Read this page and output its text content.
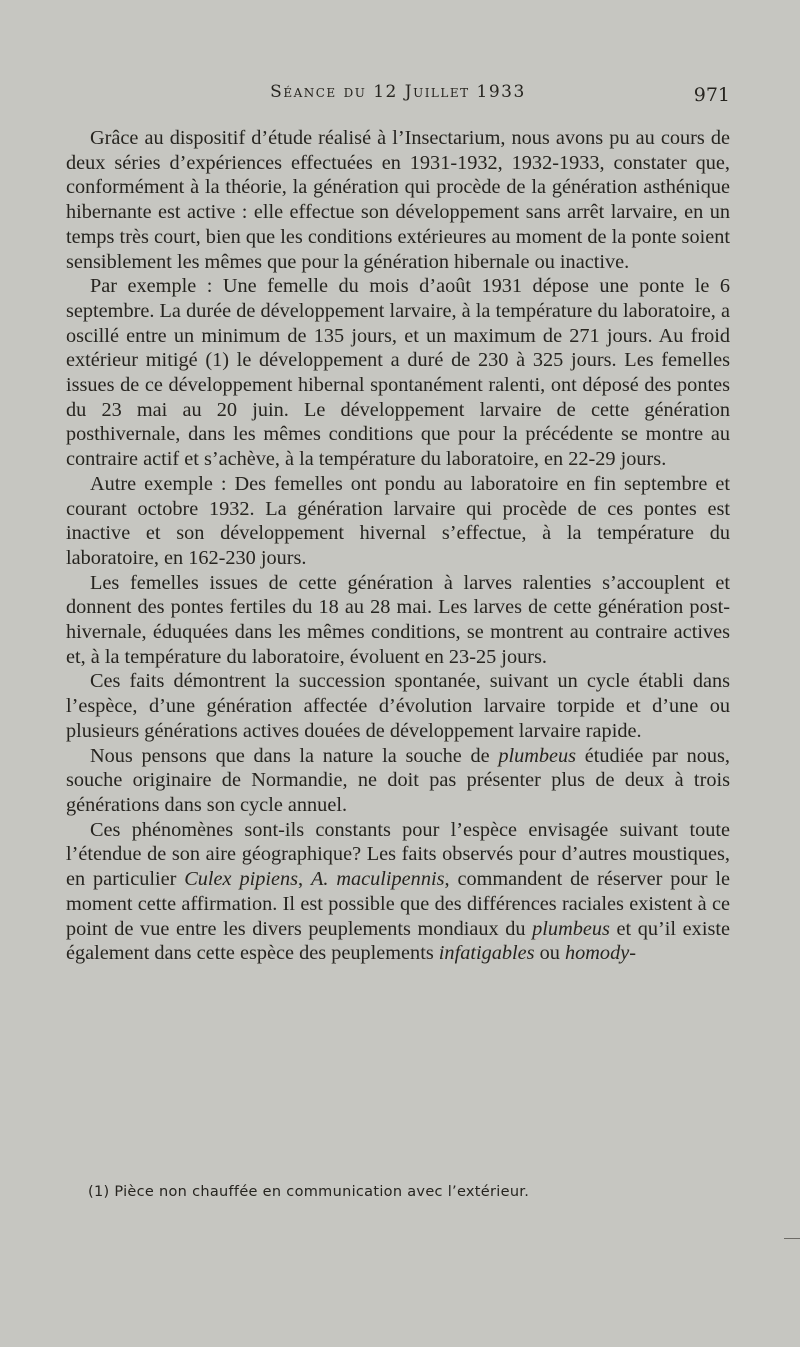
Séance du 12 Juillet 1933	971

Grâce au dispositif d’étude réalisé à l’Insectarium, nous avons pu au cours de deux séries d’expériences effectuées en 1931-1932, 1932-1933, constater que, conformément à la théorie, la génération qui procède de la génération asthénique hibernante est active : elle effectue son développement sans arrêt larvaire, en un temps très court, bien que les conditions extérieures au moment de la ponte soient sensiblement les mêmes que pour la génération hibernale ou inactive.

Par exemple : Une femelle du mois d’août 1931 dépose une ponte le 6 septembre. La durée de développement larvaire, à la température du laboratoire, a oscillé entre un minimum de 135 jours, et un maximum de 271 jours. Au froid extérieur mitigé (1) le développement a duré de 230 à 325 jours. Les femelles issues de ce développement hibernal spontanément ralenti, ont déposé des pontes du 23 mai au 20 juin. Le développement larvaire de cette génération posthivernale, dans les mêmes conditions que pour la précédente se montre au contraire actif et s’achève, à la température du laboratoire, en 22-29 jours.

Autre exemple : Des femelles ont pondu au laboratoire en fin septembre et courant octobre 1932. La génération larvaire qui procède de ces pontes est inactive et son développement hivernal s’effectue, à la température du laboratoire, en 162-230 jours.

Les femelles issues de cette génération à larves ralenties s’accouplent et donnent des pontes fertiles du 18 au 28 mai. Les larves de cette génération post-hivernale, éduquées dans les mêmes conditions, se montrent au contraire actives et, à la température du laboratoire, évoluent en 23-25 jours.

Ces faits démontrent la succession spontanée, suivant un cycle établi dans l’espèce, d’une génération affectée d’évolution larvaire torpide et d’une ou plusieurs générations actives douées de développement larvaire rapide.

Nous pensons que dans la nature la souche de plumbeus étudiée par nous, souche originaire de Normandie, ne doit pas présenter plus de deux à trois générations dans son cycle annuel.

Ces phénomènes sont-ils constants pour l’espèce envisagée suivant toute l’étendue de son aire géographique? Les faits observés pour d’autres moustiques, en particulier Culex pipiens, A. maculipennis, commandent de réserver pour le moment cette affirmation. Il est possible que des différences raciales existent à ce point de vue entre les divers peuplements mondiaux du plumbeus et qu’il existe également dans cette espèce des peuplements infatigables ou homody-

(1) Pièce non chauffée en communication avec l’extérieur.
